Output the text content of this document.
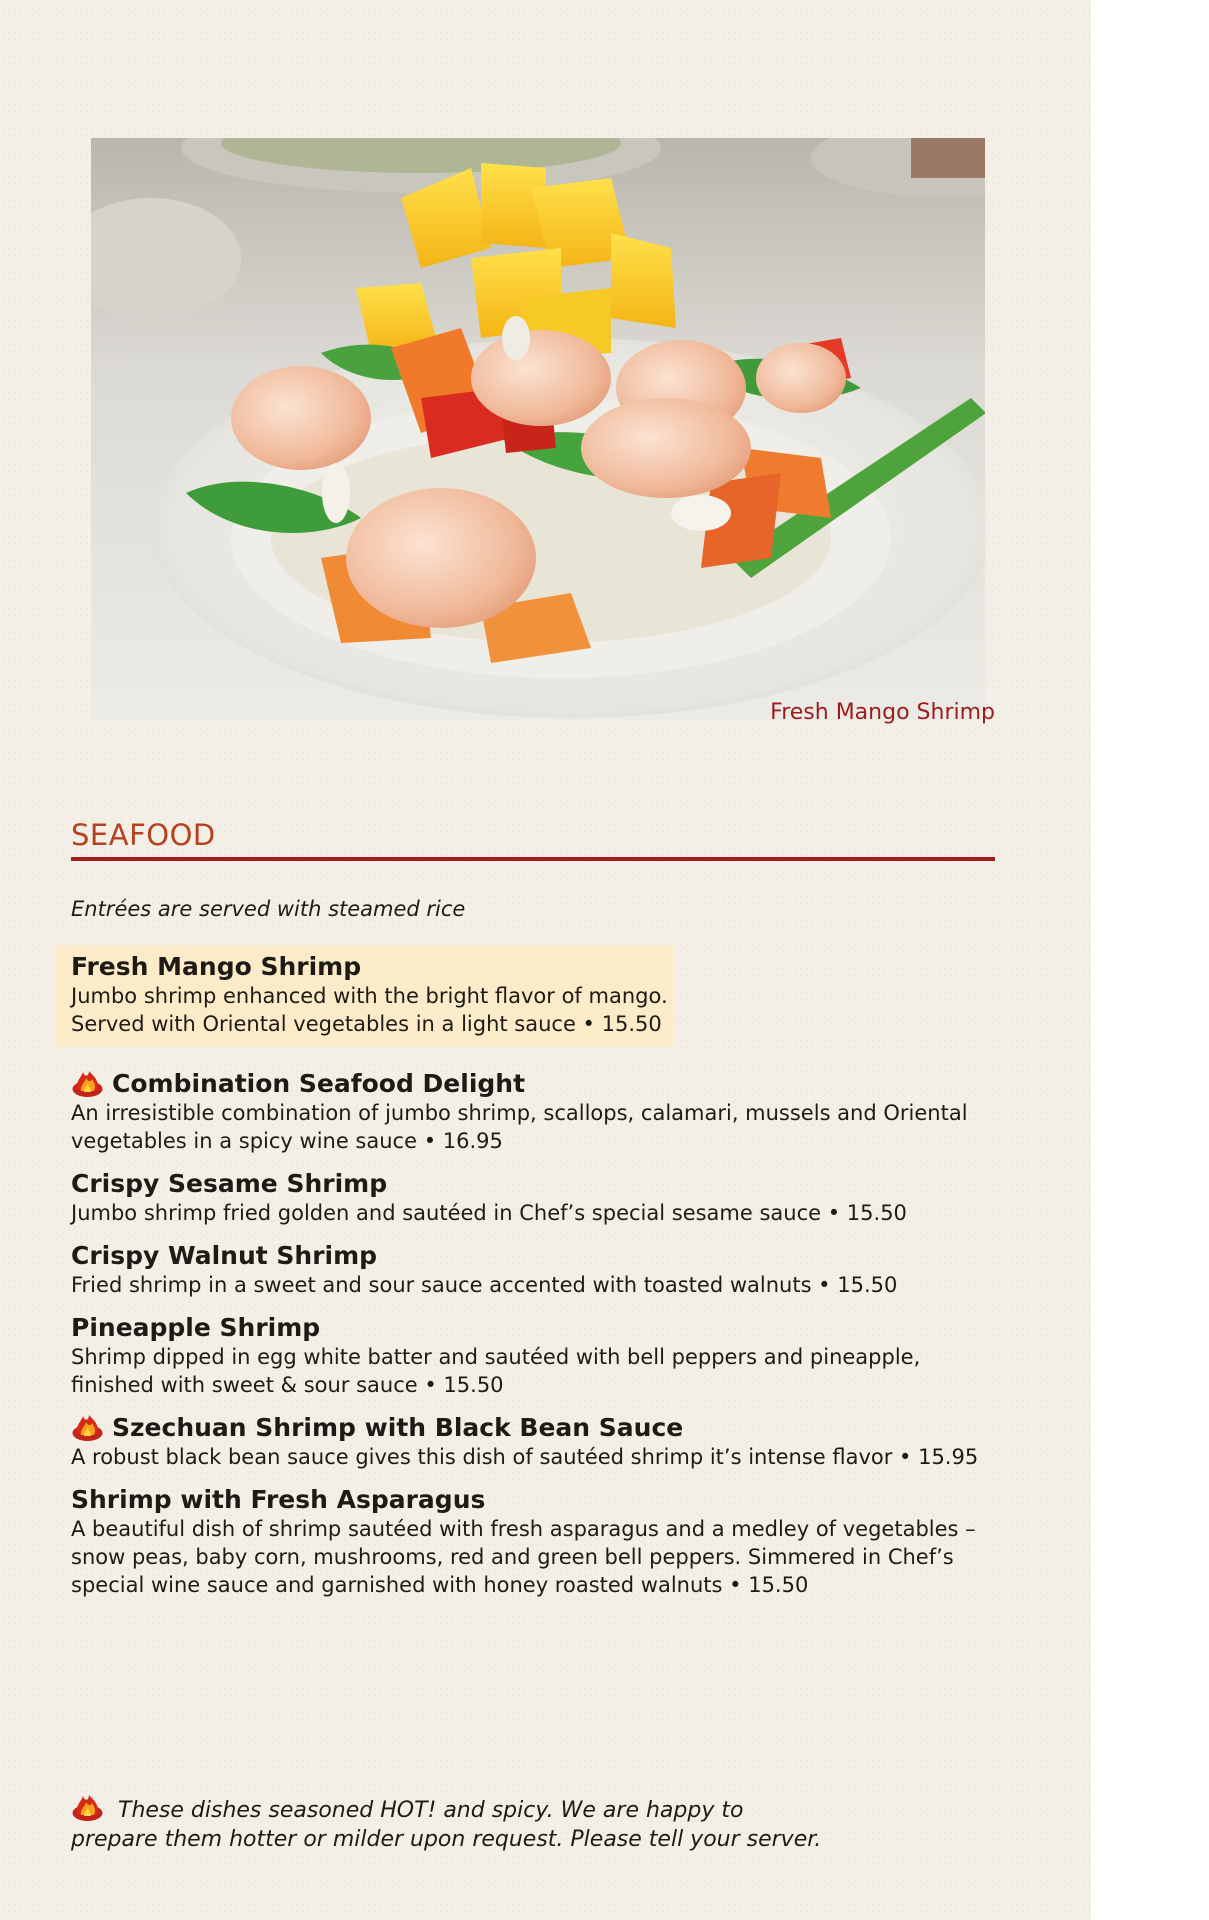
Fresh Mango Shrimp
SEAFOOD
Entrées are served with steamed rice
Fresh Mango Shrimp
Jumbo shrimp enhanced with the bright flavor of mango. Served with Oriental vegetables in a light sauce • 15.50
Combination Seafood Delight
An irresistible combination of jumbo shrimp, scallops, calamari, mussels and Oriental vegetables in a spicy wine sauce • 16.95
Crispy Sesame Shrimp
Jumbo shrimp fried golden and sautéed in Chef’s special sesame sauce • 15.50
Crispy Walnut Shrimp
Fried shrimp in a sweet and sour sauce accented with toasted walnuts • 15.50
Pineapple Shrimp
Shrimp dipped in egg white batter and sautéed with bell peppers and pineapple, finished with sweet & sour sauce • 15.50
Szechuan Shrimp with Black Bean Sauce
A robust black bean sauce gives this dish of sautéed shrimp it’s intense flavor • 15.95
Shrimp with Fresh Asparagus
A beautiful dish of shrimp sautéed with fresh asparagus and a medley of vegetables – snow peas, baby corn, mushrooms, red and green bell peppers. Simmered in Chef’s special wine sauce and garnished with honey roasted walnuts • 15.50
These dishes seasoned HOT! and spicy. We are happy to prepare them hotter or milder upon request. Please tell your server.
